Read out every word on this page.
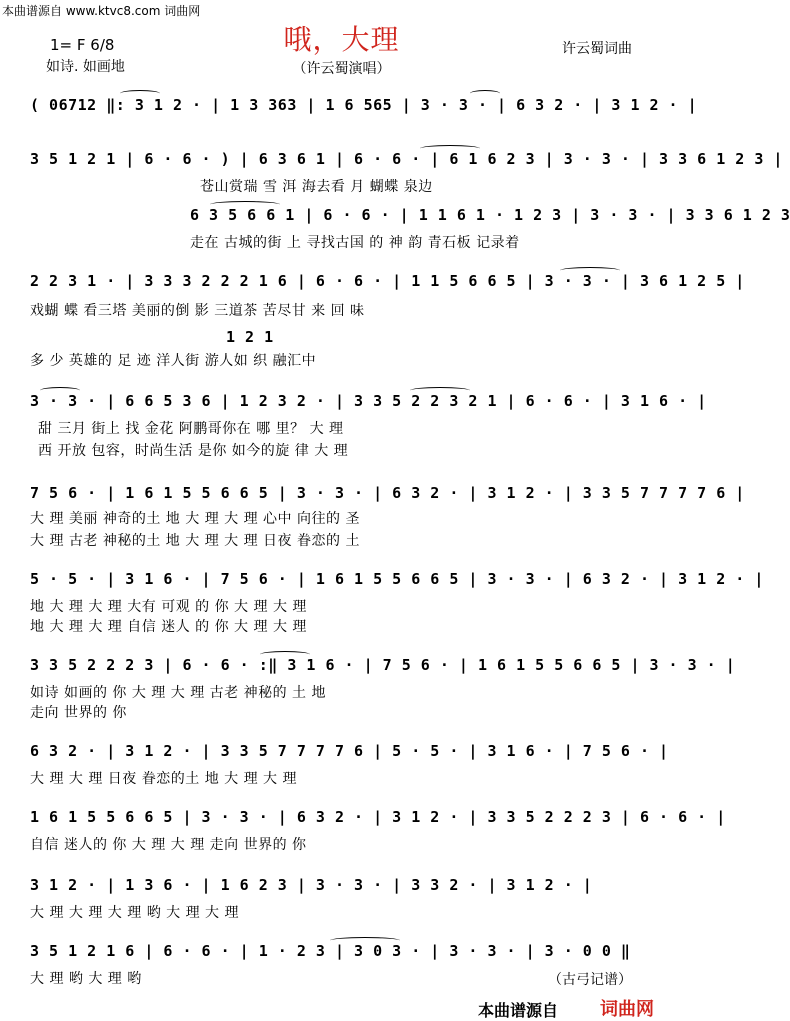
本曲谱源自 www.ktvc8.com 词曲网
哦，大理
1= F 6/8
如诗. 如画地
许云蜀词曲
（许云蜀演唱）
( 06712 ‖: 3 1 2 · | 1 3 363 | 1 6 565 | 3 · 3 · | 6 3 2 · | 3 1 2 · |
3 5 1 2 1 | 6 · 6 · ) | 6 3 6 1 | 6 · 6 · | 6 1 6 2 3 | 3 · 3 · | 3 3 6 1 2 3 |
苍山赏瑞 雪 洱 海去看 月 蝴蝶 泉边
6 3 5 6 6 1 | 6 · 6 · | 1 1 6 1 · 1 2 3 | 3 · 3 · | 3 3 6 1 2 3
走在 古城的街 上 寻找古国 的 神 韵 青石板 记录着
2 2 3 1 · | 3 3 3 2 2 2 1 6 | 6 · 6 · | 1 1 5 6 6 5 | 3 · 3 · | 3 6 1 2 5 |
戏蝴 蝶 看三塔 美丽的倒 影 三道茶 苦尽甘 来 回 味
1 2 1
多 少 英雄的 足 迹 洋人街 游人如 织 融汇中
3 · 3 · | 6 6 5 3 6 | 1 2 3 2 · | 3 3 5 2 2 3 2 1 | 6 · 6 · | 3 1 6 · |
甜 三月 街上 找 金花 阿鹏哥你在 哪 里？ 大 理
西 开放 包容，时尚生活 是你 如今的旋 律 大 理
7 5 6 · | 1 6 1 5 5 6 6 5 | 3 · 3 · | 6 3 2 · | 3 1 2 · | 3 3 5 7 7 7 7 6 |
大 理 美丽 神奇的土 地 大 理 大 理 心中 向往的 圣
大 理 古老 神秘的土 地 大 理 大 理 日夜 眷恋的 土
5 · 5 · | 3 1 6 · | 7 5 6 · | 1 6 1 5 5 6 6 5 | 3 · 3 · | 6 3 2 · | 3 1 2 · |
地 大 理 大 理 大有 可观 的 你 大 理 大 理
地 大 理 大 理 自信 迷人 的 你 大 理 大 理
3 3 5 2 2 2 3 | 6 · 6 · :‖ 3 1 6 · | 7 5 6 · | 1 6 1 5 5 6 6 5 | 3 · 3 · |
如诗 如画的 你 大 理 大 理 古老 神秘的 土 地
走向 世界的 你
6 3 2 · | 3 1 2 · | 3 3 5 7 7 7 7 6 | 5 · 5 · | 3 1 6 · | 7 5 6 · |
大 理 大 理 日夜 眷恋的土 地 大 理 大 理
1 6 1 5 5 6 6 5 | 3 · 3 · | 6 3 2 · | 3 1 2 · | 3 3 5 2 2 2 3 | 6 · 6 · |
自信 迷人的 你 大 理 大 理 走向 世界的 你
3 1 2 · | 1 3 6 · | 1 6 2 3 | 3 · 3 · | 3 3 2 · | 3 1 2 · |
大 理 大 理 大 理 哟 大 理 大 理
3 5 1 2 1 6 | 6 · 6 · | 1 · 2 3 | 3 0 3 · | 3 · 3 · | 3 · 0 0 ‖
大 理 哟 大 理 哟	（古弓记谱）
本曲谱源自 词曲网
